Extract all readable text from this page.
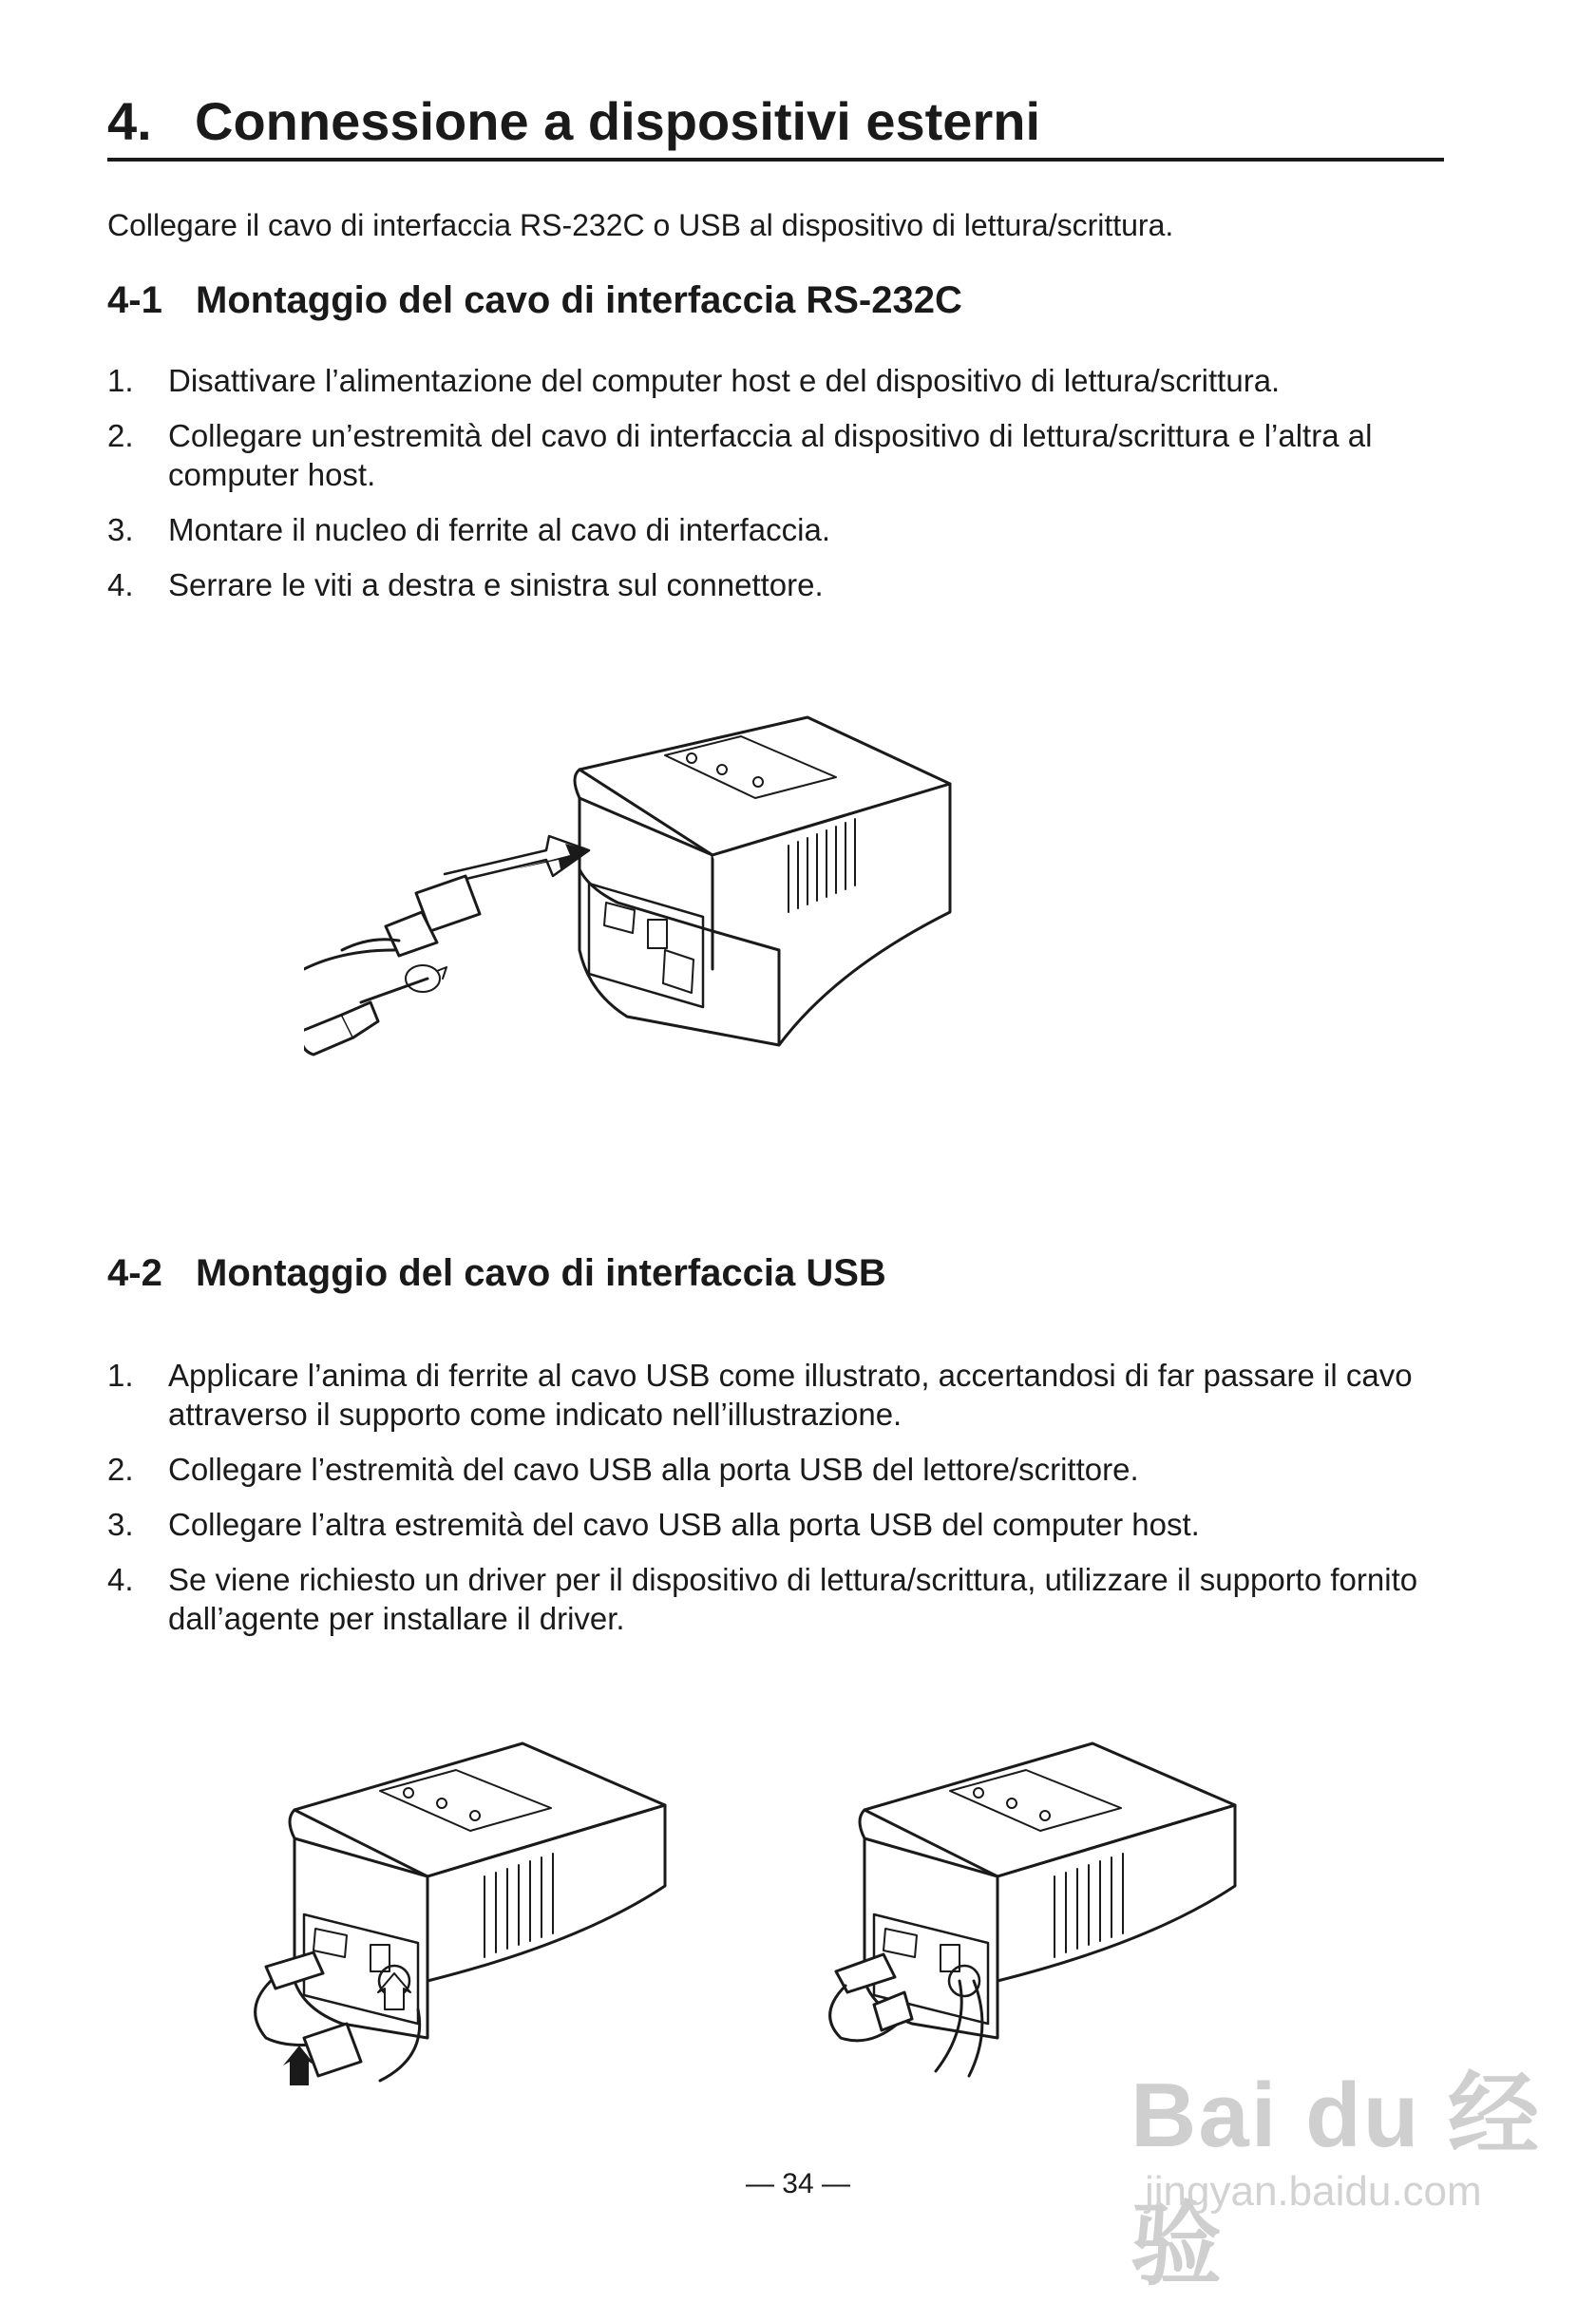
4. Connessione a dispositivi esterni
Collegare il cavo di interfaccia RS-232C o USB al dispositivo di lettura/scrittura.
4-1 Montaggio del cavo di interfaccia RS-232C
1. Disattivare l’alimentazione del computer host e del dispositivo di lettura/scrittura.
2. Collegare un’estremità del cavo di interfaccia al dispositivo di lettura/scrittura e l’altra al computer host.
3. Montare il nucleo di ferrite al cavo di interfaccia.
4. Serrare le viti a destra e sinistra sul connettore.
4-2 Montaggio del cavo di interfaccia USB
1. Applicare l’anima di ferrite al cavo USB come illustrato, accertandosi di far passare il cavo attraverso il supporto come indicato nell’illustrazione.
2. Collegare l’estremità del cavo USB alla porta USB del lettore/scrittore.
3. Collegare l’altra estremità del cavo USB alla porta USB del computer host.
4. Se viene richiesto un driver per il dispositivo di lettura/scrittura, utilizzare il supporto fornito dall’agente per installare il driver.
Bai du 经验
jingyan.baidu.com
— 34 —
